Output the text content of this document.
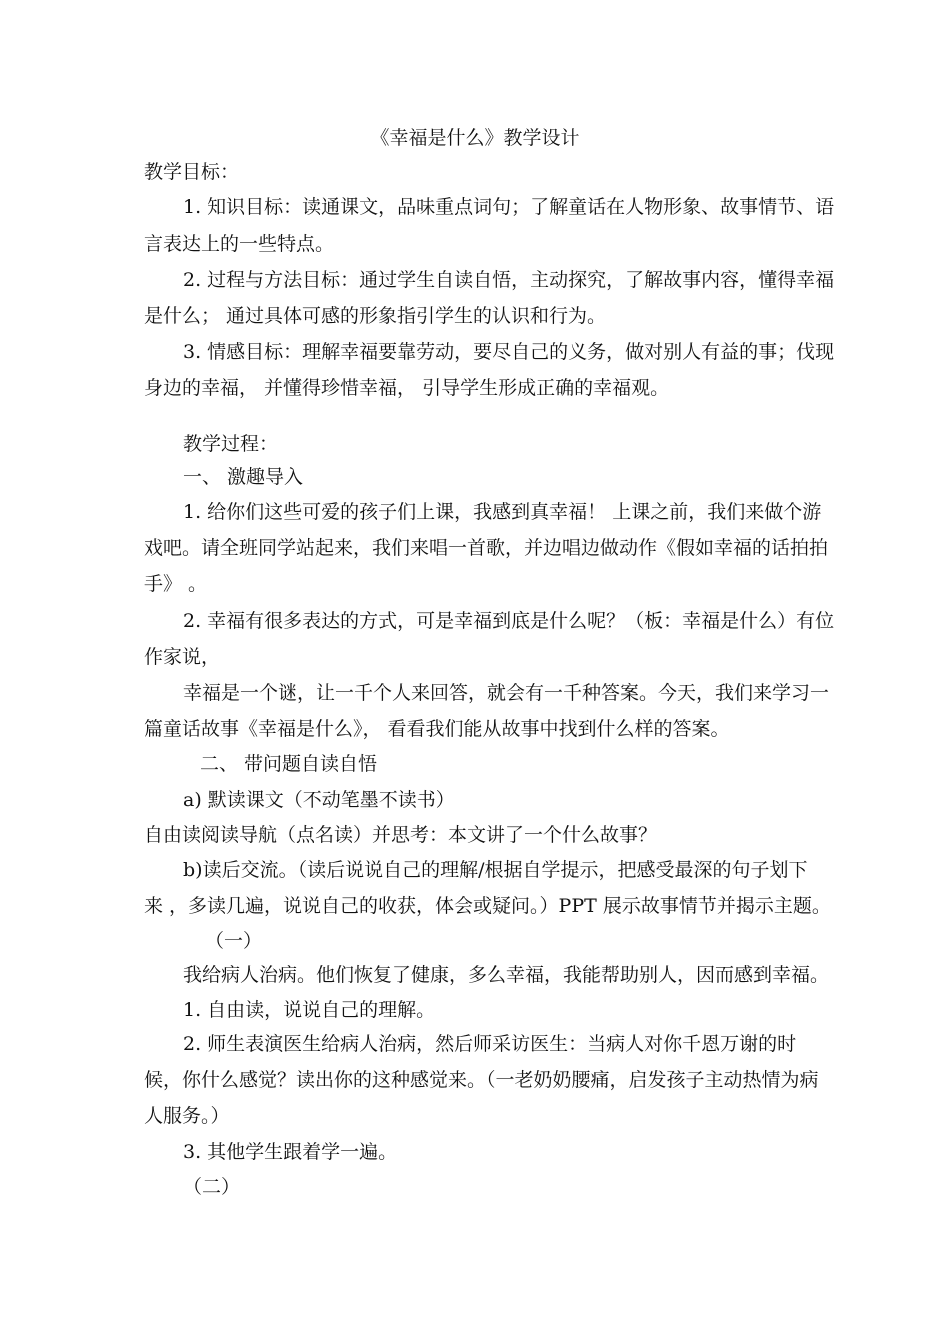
《幸福是什么》教学设计
教学目标：
1. 知识目标：读通课文，品味重点词句；了解童话在人物形象、故事情节、语
言表达上的一些特点。
2. 过程与方法目标：通过学生自读自悟，主动探究，了解故事内容，懂得幸福
是什么； 通过具体可感的形象指引学生的认识和行为。
3. 情感目标：理解幸福要靠劳动，要尽自己的义务，做对别人有益的事；伐现
身边的幸福， 并懂得珍惜幸福， 引导学生形成正确的幸福观。
教学过程：
一、 激趣导入
1. 给你们这些可爱的孩子们上课，我感到真幸福！ 上课之前，我们来做个游
戏吧。请全班同学站起来，我们来唱一首歌，并边唱边做动作《假如幸福的话拍拍
手》 。
2. 幸福有很多表达的方式，可是幸福到底是什么呢？（板：幸福是什么）有位
作家说，
幸福是一个谜，让一千个人来回答，就会有一千种答案。今天，我们来学习一
篇童话故事《幸福是什么》， 看看我们能从故事中找到什么样的答案。
二、 带问题自读自悟
a) 默读课文（不动笔墨不读书）
自由读阅读导航（点名读）并思考：本文讲了一个什么故事？
b)读后交流。（读后说说自己的理解/根据自学提示，把感受最深的句子划下
来 ，多读几遍，说说自己的收获，体会或疑问。）PPT 展示故事情节并揭示主题。
（一）
我给病人治病。他们恢复了健康，多么幸福，我能帮助别人，因而感到幸福。
1. 自由读，说说自己的理解。
2. 师生表演医生给病人治病，然后师采访医生：当病人对你千恩万谢的时
候，你什么感觉？读出你的这种感觉来。（一老奶奶腰痛，启发孩子主动热情为病
人服务。）
3. 其他学生跟着学一遍。
（二）
